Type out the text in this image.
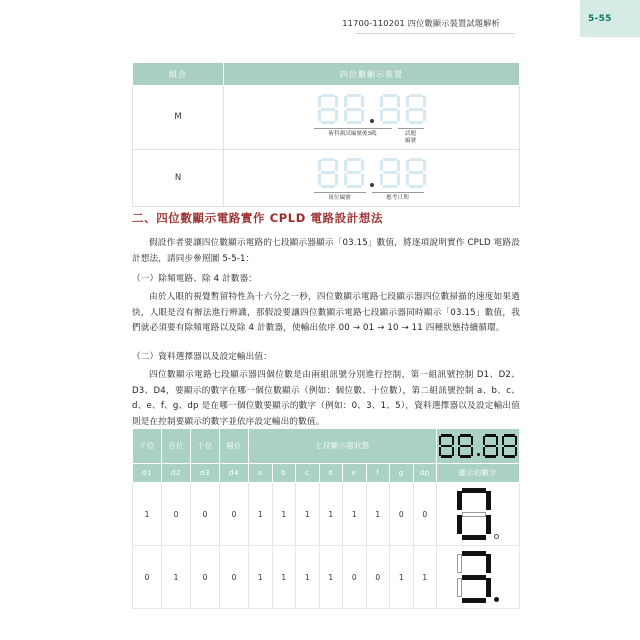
11700-110201 四位數顯示裝置試題解析	5-55
組合	四位數顯示裝置
M	術科測試編號後3碼 試題
編號

N	崗位編號 應考日期
二、四位數顯示電路實作 CPLD 電路設計想法
假設作者要讓四位數顯示電路的七段顯示器顯示「03.15」數值，將逐項說明實作 CPLD 電路設計想法，請同步參照圖 5-5-1：
（一）除頻電路、除 4 計數器：
由於人眼的視覺暫留特性為十六分之一秒，四位數顯示電路七段顯示器四位數掃描的速度如果過快，人眼是沒有辦法進行辨識，那假設要讓四位數顯示電路七段顯示器同時顯示「03.15」數值，我們就必須要有除頻電路以及除 4 計數器，使輸出依序 00 → 01 → 10 → 11 四種狀態持續循環。
（二）資料選擇器以及設定輸出值：
四位數顯示電路七段顯示器四個位數是由兩組訊號分別進行控制，第一組訊號控制 D1、D2、D3、D4，要顯示的數字在哪一個位數顯示（例如：個位數、十位數），第二組訊號控制 a、b、c、d、e、f、g、dp 是在哪一個位數要顯示的數字（例如：0、3、1、5），資料選擇器以及設定輸出值則是在控制要顯示的數字並依序設定輸出的數值。
千位	百位	十位	個位	七段顯示器狀態								

d1	d2	d3	d4	a	b	c	d	e	f	g	dp	顯示的數字
1	0	0	0	1	1	1	1	1	1	0	0	

0	1	0	0	1	1	1	1	0	0	1	1	
